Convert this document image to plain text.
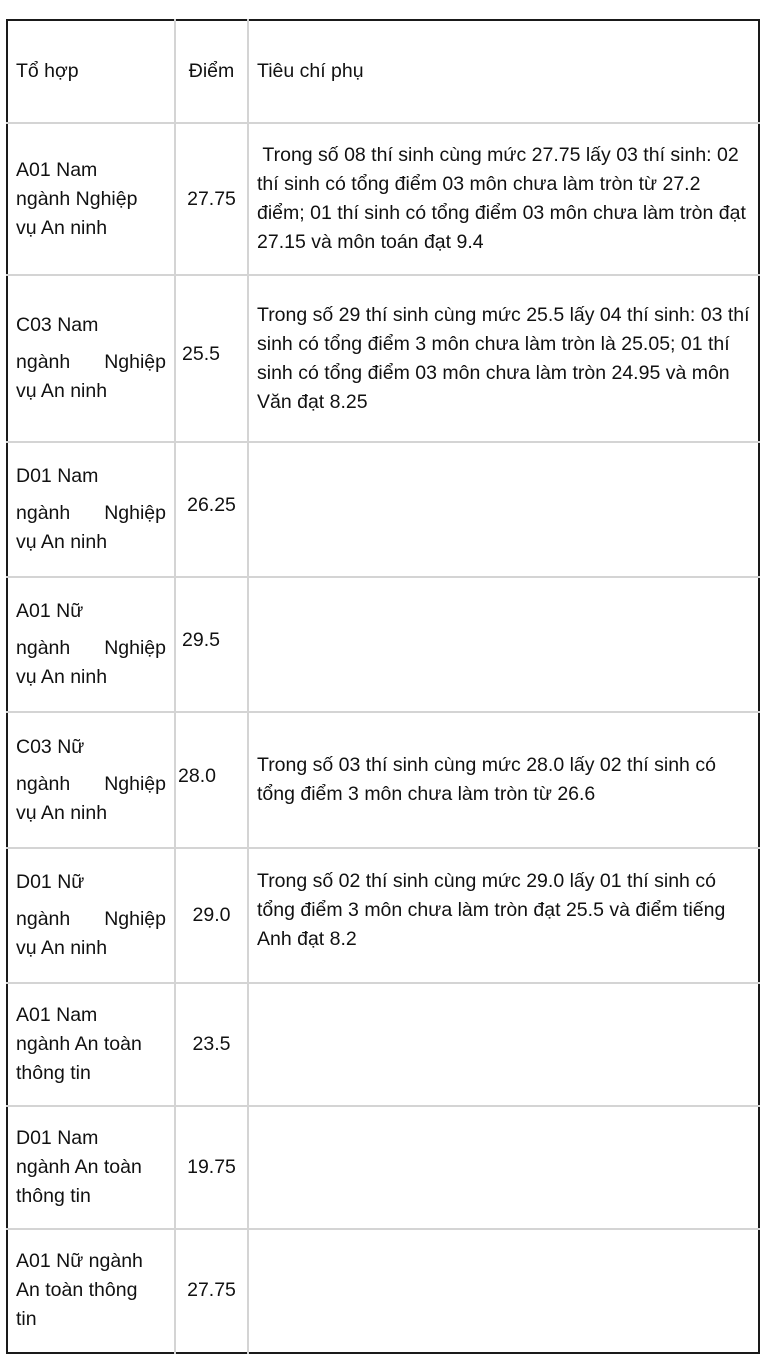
Tổ hợp	Điểm	Tiêu chí phụ

A01 Nam
ngành Nghiệp
vụ An ninh	27.75	Trong số 08 thí sinh cùng mức 27.75 lấy 03 thí sinh: 02 thí sinh có tổng điểm 03 môn chưa làm tròn từ 27.2 điểm; 01 thí sinh có tổng điểm 03 môn chưa làm tròn đạt 27.15 và môn toán đạt 9.4

C03 Nam
ngành Nghiệp
vụ An ninh	25.5	Trong số 29 thí sinh cùng mức 25.5 lấy 04 thí sinh: 03 thí sinh có tổng điểm 3 môn chưa làm tròn là 25.05; 01 thí sinh có tổng điểm 03 môn chưa làm tròn 24.95 và môn Văn đạt 8.25

D01 Nam
ngành Nghiệp
vụ An ninh	26.25	

A01 Nữ
ngành Nghiệp
vụ An ninh	29.5	

C03 Nữ
ngành Nghiệp
vụ An ninh	28.0	Trong số 03 thí sinh cùng mức 28.0 lấy 02 thí sinh có tổng điểm 3 môn chưa làm tròn từ 26.6

D01 Nữ
ngành Nghiệp
vụ An ninh	29.0	Trong số 02 thí sinh cùng mức 29.0 lấy 01 thí sinh có tổng điểm 3 môn chưa làm tròn đạt 25.5 và điểm tiếng Anh đạt 8.2

A01 Nam
ngành An toàn
thông tin	23.5	

D01 Nam
ngành An toàn
thông tin	19.75	

A01 Nữ ngành
An toàn thông
tin	27.75	
